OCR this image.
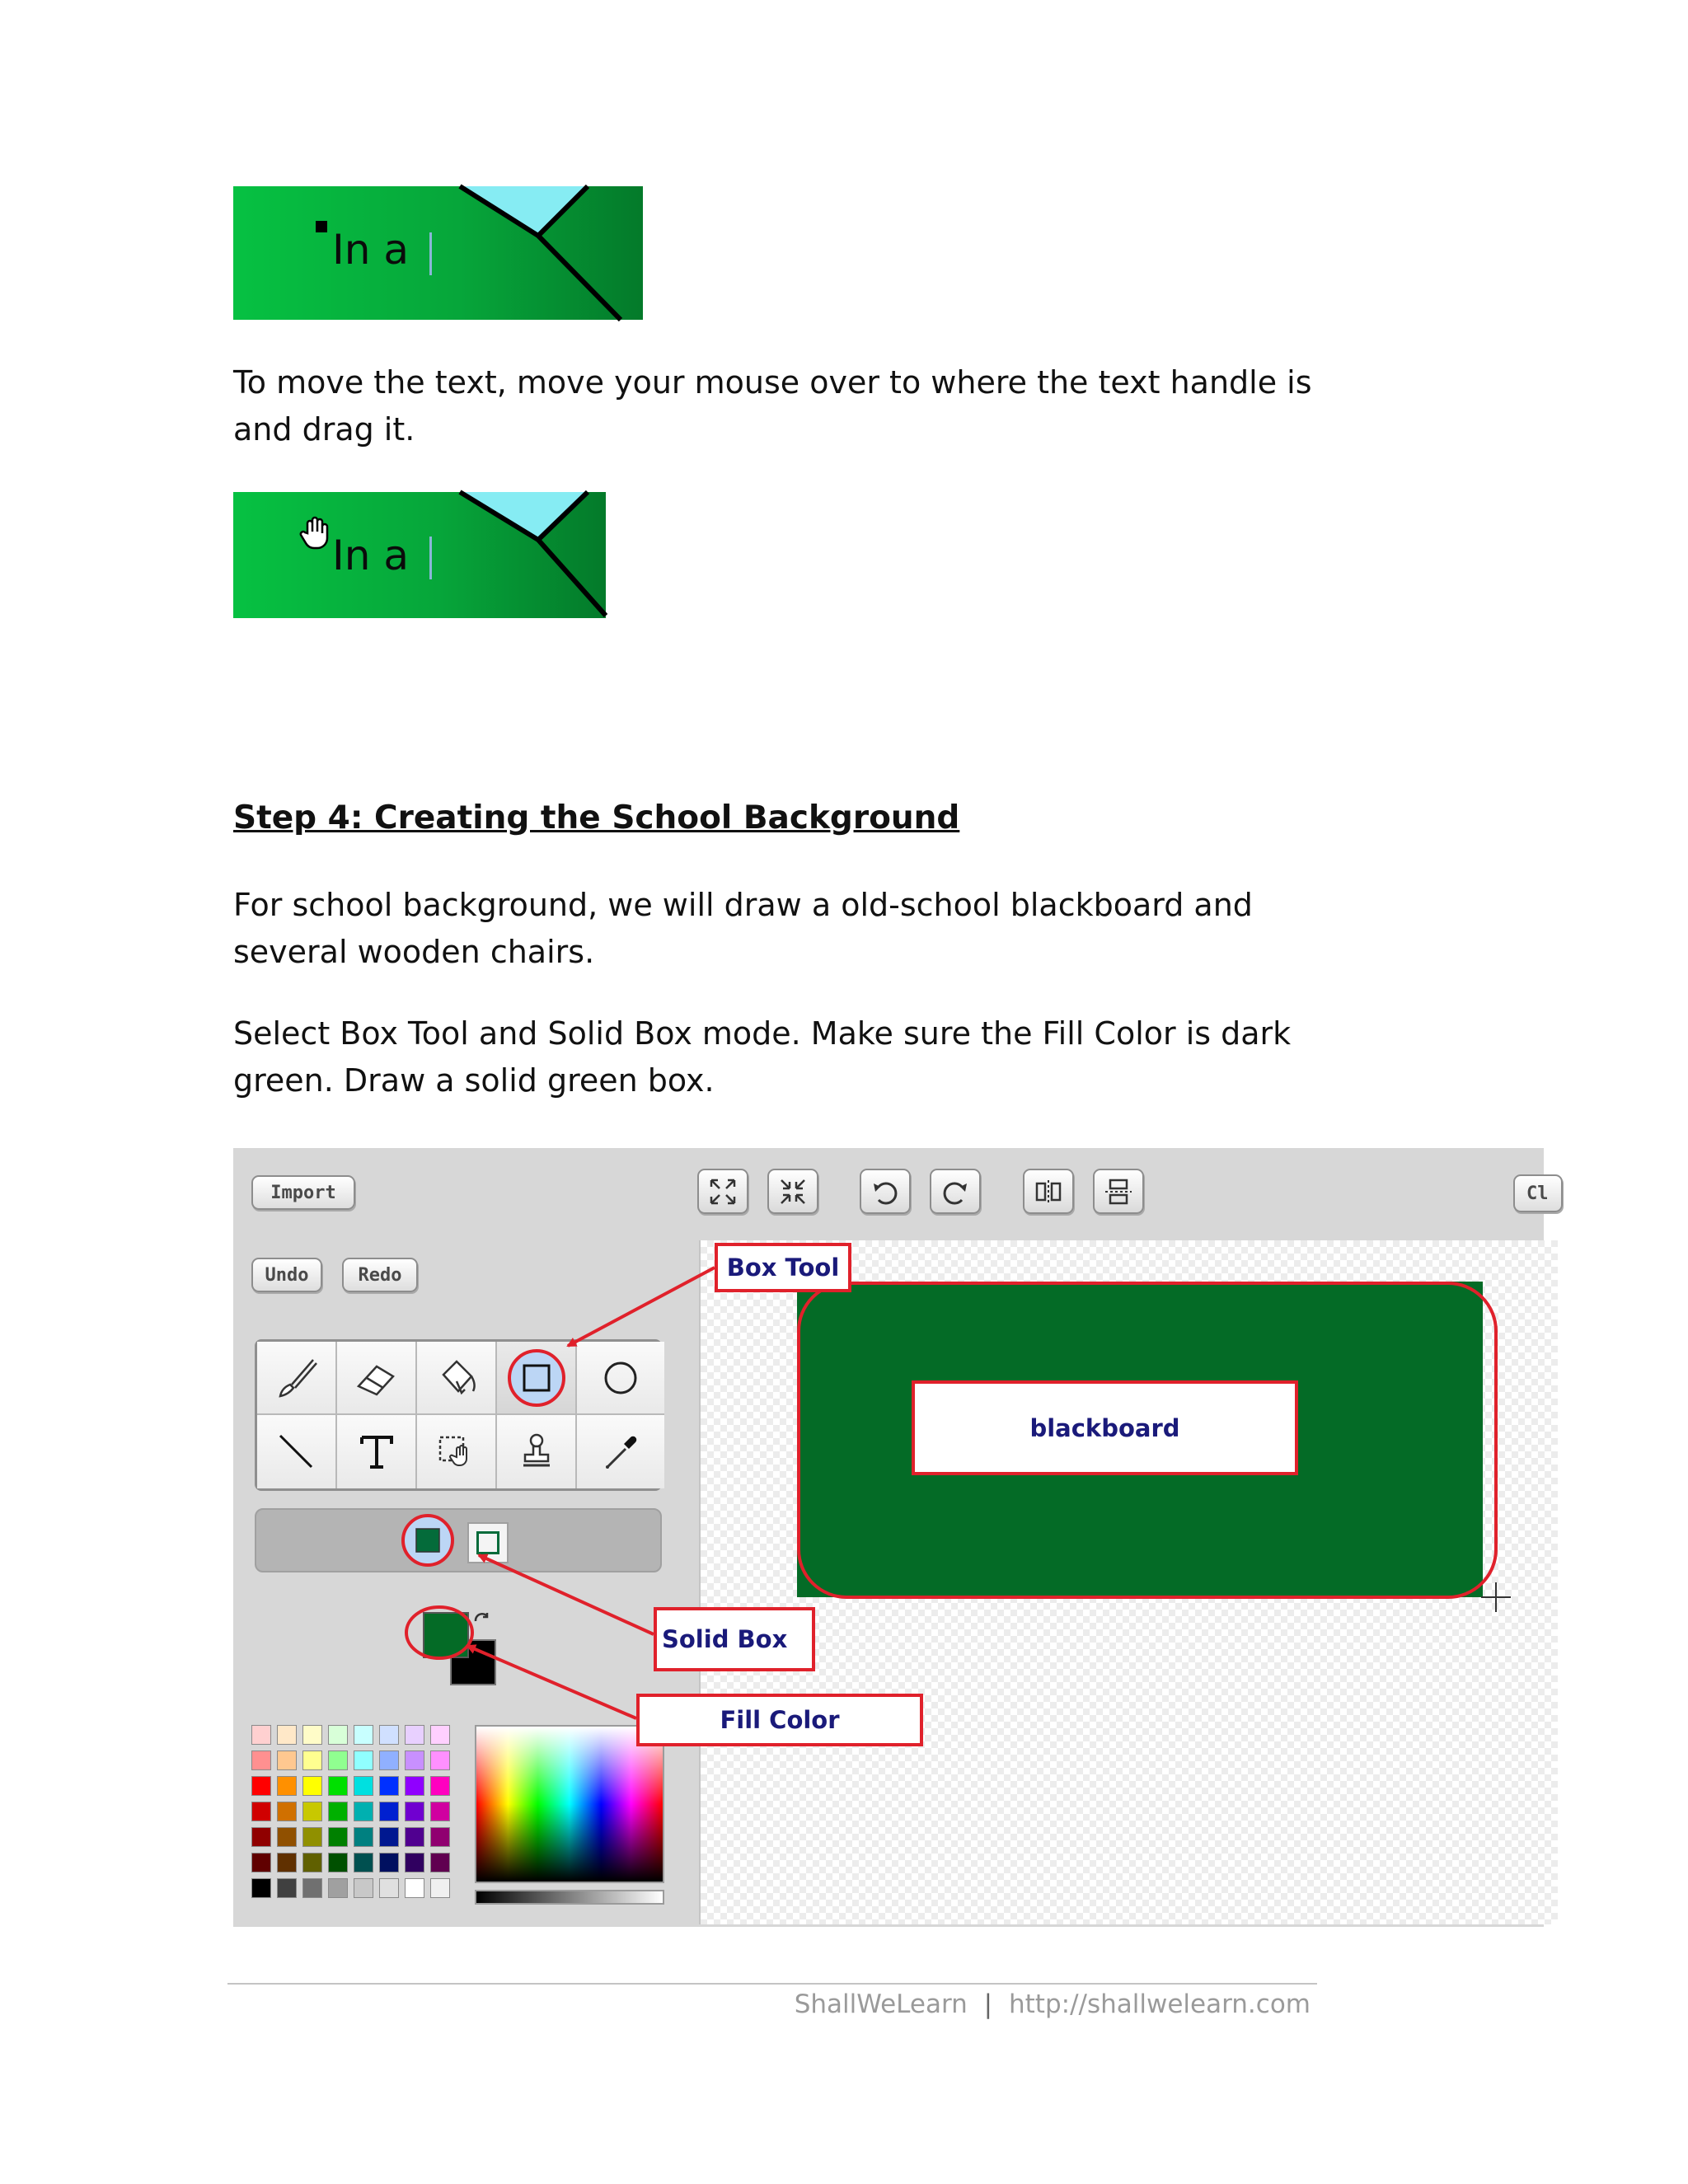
In a

To move the text, move your mouse over to where the text handle is and drag it.

In a
Step 4: Creating the School Background

For school background, we will draw a old-school blackboard and several wooden chairs.

Select Box Tool and Solid Box mode. Make sure the Fill Color is dark green. Draw a solid green box.

Import
Undo	Redo
Cl
blackboard
Box Tool
Solid Box
Fill Color
ShallWeLearn | http://shallwelearn.com
